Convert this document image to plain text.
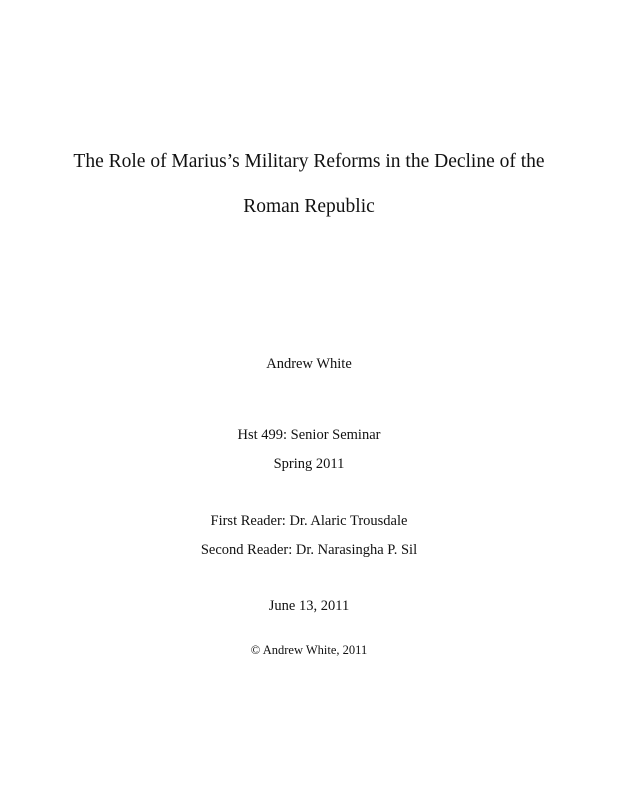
The Role of Marius’s Military Reforms in the Decline of the
Roman Republic
Andrew White
Hst 499: Senior Seminar
Spring 2011
First Reader: Dr. Alaric Trousdale
Second Reader: Dr. Narasingha P. Sil
June 13, 2011
© Andrew White, 2011
